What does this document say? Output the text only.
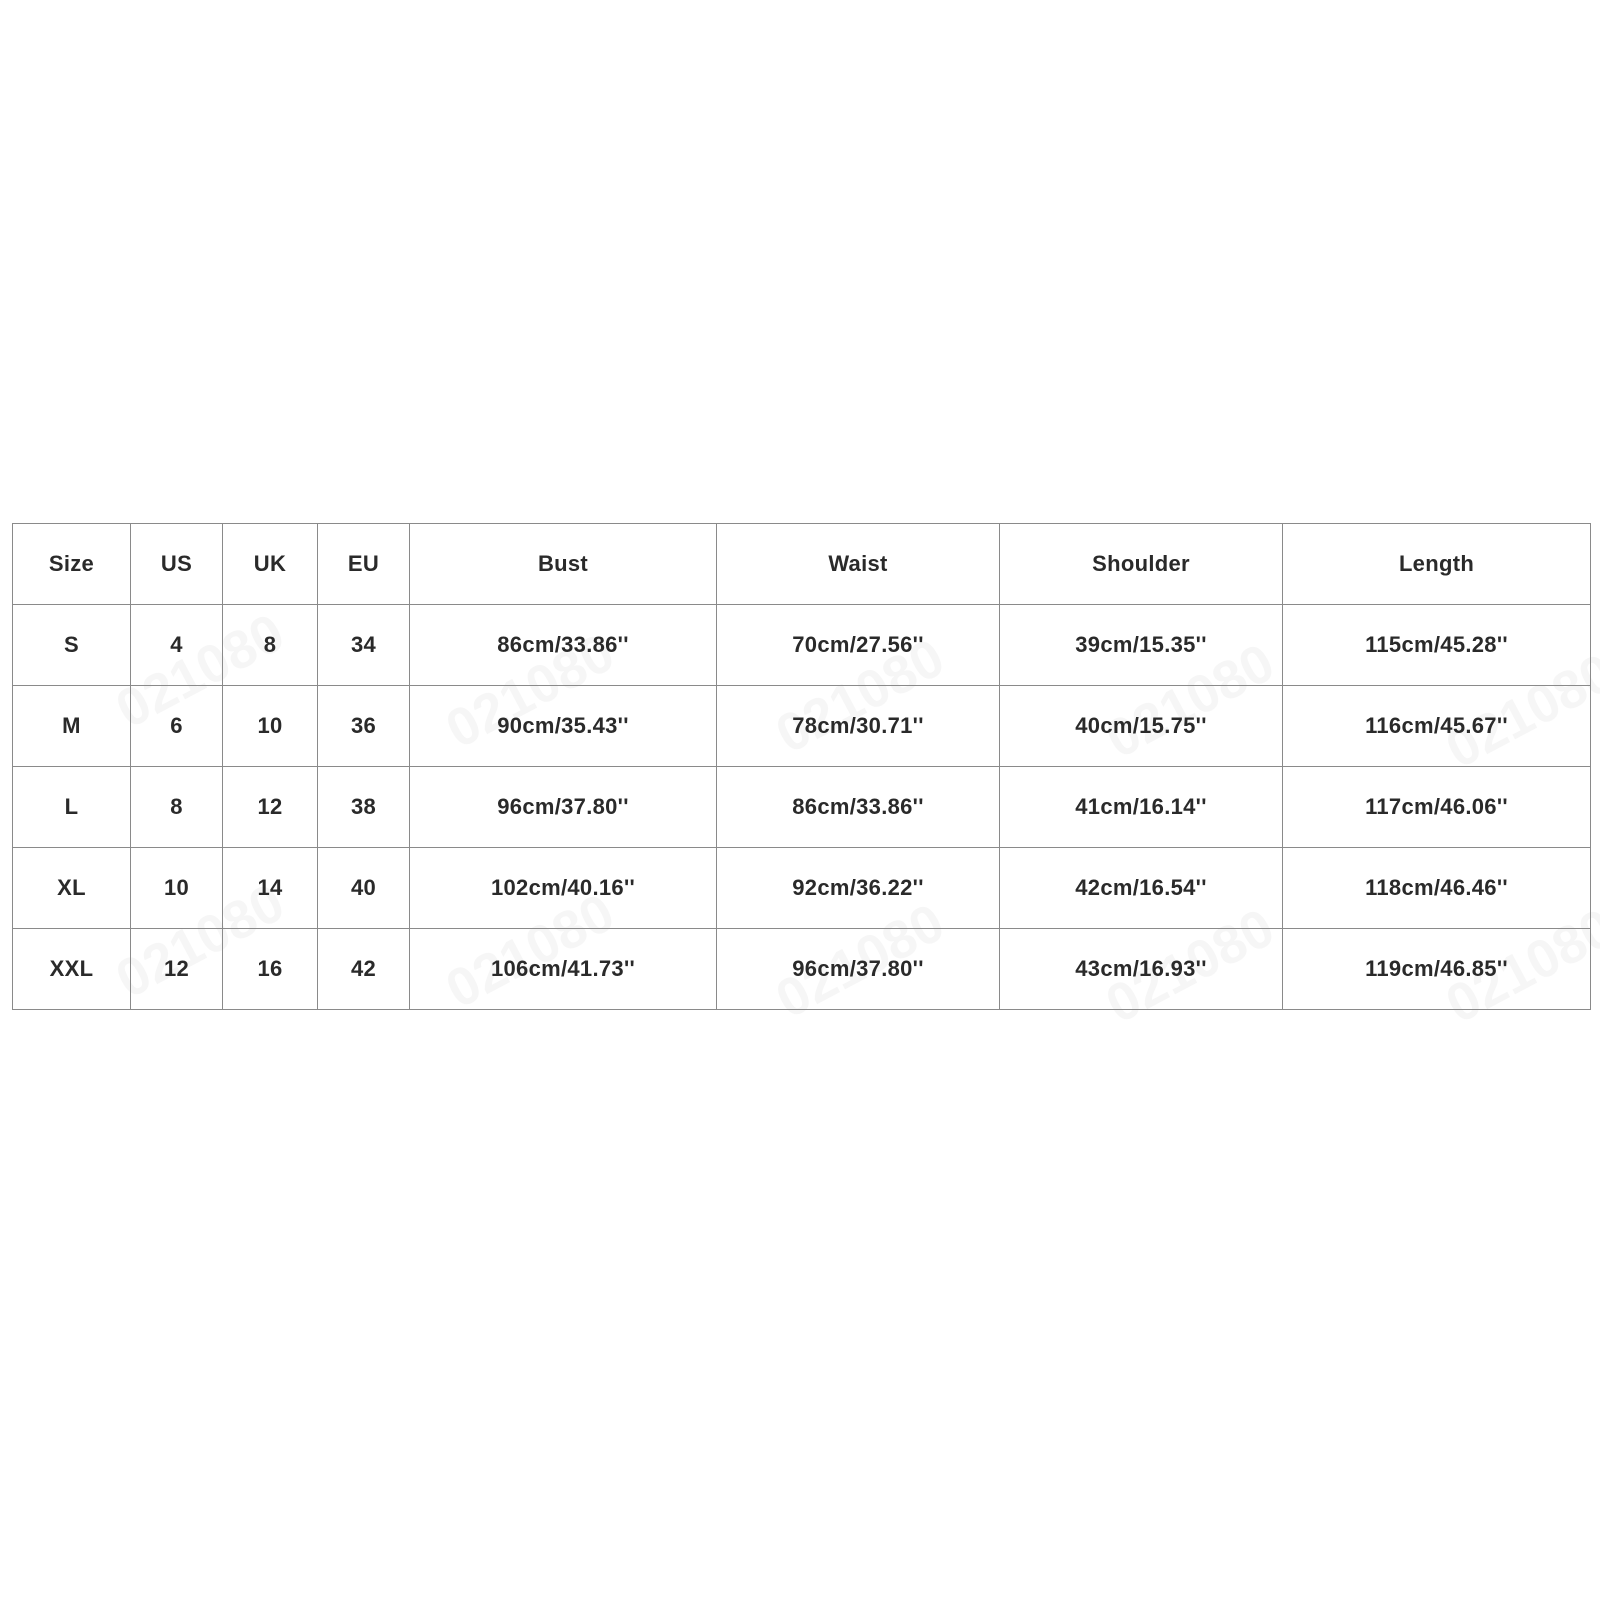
Size	US	UK	EU	Bust	Waist	Shoulder	Length
S	4	8	34	86cm/33.86''	70cm/27.56''	39cm/15.35''	115cm/45.28''
M	6	10	36	90cm/35.43''	78cm/30.71''	40cm/15.75''	116cm/45.67''
L	8	12	38	96cm/37.80''	86cm/33.86''	41cm/16.14''	117cm/46.06''
XL	10	14	40	102cm/40.16''	92cm/36.22''	42cm/16.54''	118cm/46.46''
XXL	12	16	42	106cm/41.73''	96cm/37.80''	43cm/16.93''	119cm/46.85''
